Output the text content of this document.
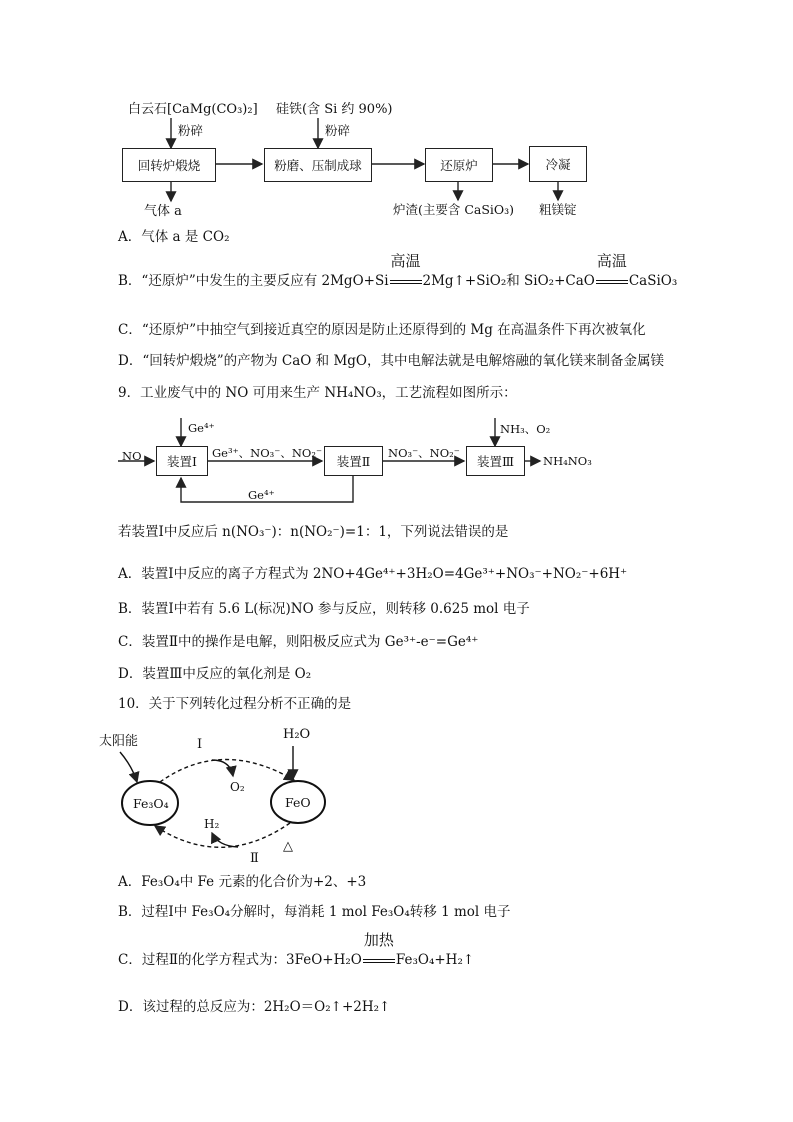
白云石[CaMg(CO₃)₂]
粉碎
硅铁(含 Si 约 90%)
粉碎
回转炉煅烧	粉磨、压制成球	还原炉	冷凝
气体 a	炉渣(主要含 CaSiO₃) 粗镁锭
A．气体 a 是 CO₂
B．“还原炉”中发生的主要反应有 2MgO+Si
高温
2Mg↑+SiO₂和 SiO₂+CaO
高温
CaSiO₃
C．“还原炉”中抽空气到接近真空的原因是防止还原得到的 Mg 在高温条件下再次被氧化
D．“回转炉煅烧”的产物为 CaO 和 MgO，其中电解法就是电解熔融的氧化镁来制备金属镁
9．工业废气中的 NO 可用来生产 NH₄NO₃，工艺流程如图所示：
NO
Ge⁴⁺
装置Ⅰ
Ge³⁺、NO₃⁻、NO₂⁻
装置Ⅱ
NO₃⁻、NO₂⁻
NH₃、O₂
装置Ⅲ	NH₄NO₃
Ge⁴⁺
若装置Ⅰ中反应后 n(NO₃⁻)：n(NO₂⁻)=1：1，下列说法错误的是
A．装置Ⅰ中反应的离子方程式为 2NO+4Ge⁴⁺+3H₂O=4Ge³⁺+NO₃⁻+NO₂⁻+6H⁺
B．装置Ⅰ中若有 5.6 L(标况)NO 参与反应，则转移 0.625 mol 电子
C．装置Ⅱ中的操作是电解，则阳极反应式为 Ge³⁺-e⁻=Ge⁴⁺
D．装置Ⅲ中反应的氧化剂是 O₂
10．关于下列转化过程分析不正确的是
太阳能	H₂O
Ⅰ
O₂
Fe₃O₄	FeO
H₂
Ⅱ
△
A．Fe₃O₄中 Fe 元素的化合价为+2、+3
B．过程Ⅰ中 Fe₃O₄分解时，每消耗 1 mol Fe₃O₄转移 1 mol 电子
C．过程Ⅱ的化学方程式为：3FeO+H₂O
加热
Fe₃O₄+H₂↑
D．该过程的总反应为：2H₂O＝O₂↑+2H₂↑
